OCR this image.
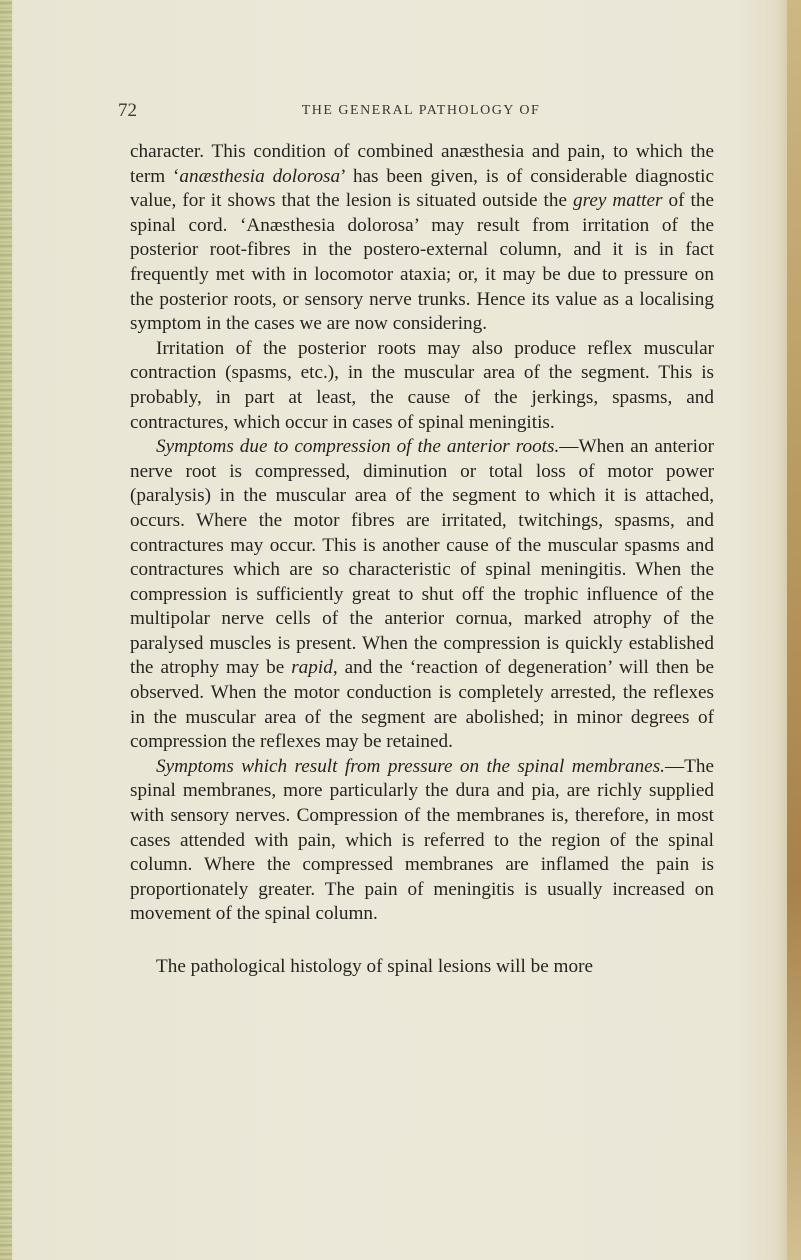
72	THE GENERAL PATHOLOGY OF

character. This condition of combined anæsthesia and pain, to which the term ‘anæsthesia dolorosa’ has been given, is of considerable diagnostic value, for it shows that the lesion is situated outside the grey matter of the spinal cord. ‘Anæsthesia dolorosa’ may result from irritation of the posterior root-fibres in the postero-external column, and it is in fact frequently met with in locomotor ataxia; or, it may be due to pressure on the posterior roots, or sensory nerve trunks. Hence its value as a localising symptom in the cases we are now considering.

Irritation of the posterior roots may also produce reflex muscular contraction (spasms, etc.), in the muscular area of the segment. This is probably, in part at least, the cause of the jerkings, spasms, and contractures, which occur in cases of spinal meningitis.

Symptoms due to compression of the anterior roots.—When an anterior nerve root is compressed, diminution or total loss of motor power (paralysis) in the muscular area of the segment to which it is attached, occurs. Where the motor fibres are irritated, twitchings, spasms, and contractures may occur. This is another cause of the muscular spasms and contractures which are so characteristic of spinal meningitis. When the compression is sufficiently great to shut off the trophic influence of the multipolar nerve cells of the anterior cornua, marked atrophy of the paralysed muscles is present. When the compression is quickly established the atrophy may be rapid, and the ‘reaction of degeneration’ will then be observed. When the motor conduction is completely arrested, the reflexes in the muscular area of the segment are abolished; in minor degrees of compression the reflexes may be retained.

Symptoms which result from pressure on the spinal membranes.—The spinal membranes, more particularly the dura and pia, are richly supplied with sensory nerves. Compression of the membranes is, therefore, in most cases attended with pain, which is referred to the region of the spinal column. Where the compressed membranes are inflamed the pain is proportionately greater. The pain of meningitis is usually increased on movement of the spinal column.

The pathological histology of spinal lesions will be more
